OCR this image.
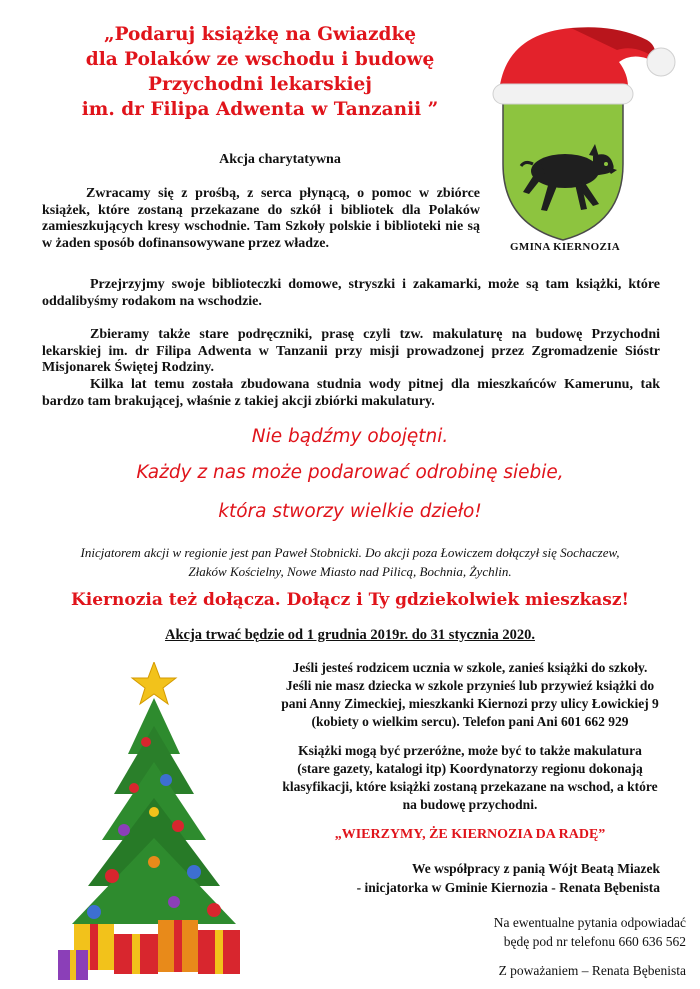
„Podaruj książkę na Gwiazdkę
dla Polaków ze wschodu i budowę
Przychodni lekarskiej
im. dr Filipa Adwenta w Tanzanii ”
GMINA KIERNOZIA
Akcja charytatywna
Zwracamy się z prośbą, z serca płynącą, o pomoc w zbiórce książek, które zostaną przekazane do szkół i bibliotek dla Polaków zamieszkujących kresy wschodnie. Tam Szkoły polskie i biblioteki nie są w żaden sposób dofinansowywane przez władze.
Przejrzyjmy swoje biblioteczki domowe, stryszki i zakamarki, może są tam książki, które oddalibyśmy rodakom na wschodzie.
Zbieramy także stare podręczniki, prasę czyli tzw. makulaturę na budowę Przychodni lekarskiej im. dr Filipa Adwenta w Tanzanii przy misji prowadzonej przez Zgromadzenie Sióstr Misjonarek Świętej Rodziny.
Kilka lat temu została zbudowana studnia wody pitnej dla mieszkańców Kamerunu, tak bardzo tam brakującej, właśnie z takiej akcji zbiórki makulatury.
Nie bądźmy obojętni.
Każdy z nas może podarować odrobinę siebie,
która stworzy wielkie dzieło!
Inicjatorem akcji w regionie jest pan Paweł Stobnicki. Do akcji poza Łowiczem dołączył się Sochaczew,
Złaków Kościelny, Nowe Miasto nad Pilicą, Bochnia, Żychlin.
Kiernozia też dołącza. Dołącz i Ty gdziekolwiek mieszkasz!
Akcja trwać będzie od 1 grudnia 2019r. do 31 stycznia 2020.
Jeśli jesteś rodzicem ucznia w szkole, zanieś książki do szkoły.
Jeśli nie masz dziecka w szkole przynieś lub przywieź książki do
pani Anny Zimeckiej, mieszkanki Kiernozi przy ulicy Łowickiej 9
(kobiety o wielkim sercu). Telefon pani Ani 601 662 929
Książki mogą być przeróżne, może być to także makulatura
(stare gazety, katalogi itp) Koordynatorzy regionu dokonają
klasyfikacji, które książki zostaną przekazane na wschod, a które
na budowę przychodni.
„WIERZYMY, ŻE KIERNOZIA DA RADĘ”
We współpracy z panią Wójt Beatą Miazek
- inicjatorka w Gminie Kiernozia - Renata Bębenista
Na ewentualne pytania odpowiadać
będę pod nr telefonu 660 636 562
Z poważaniem – Renata Bębenista
